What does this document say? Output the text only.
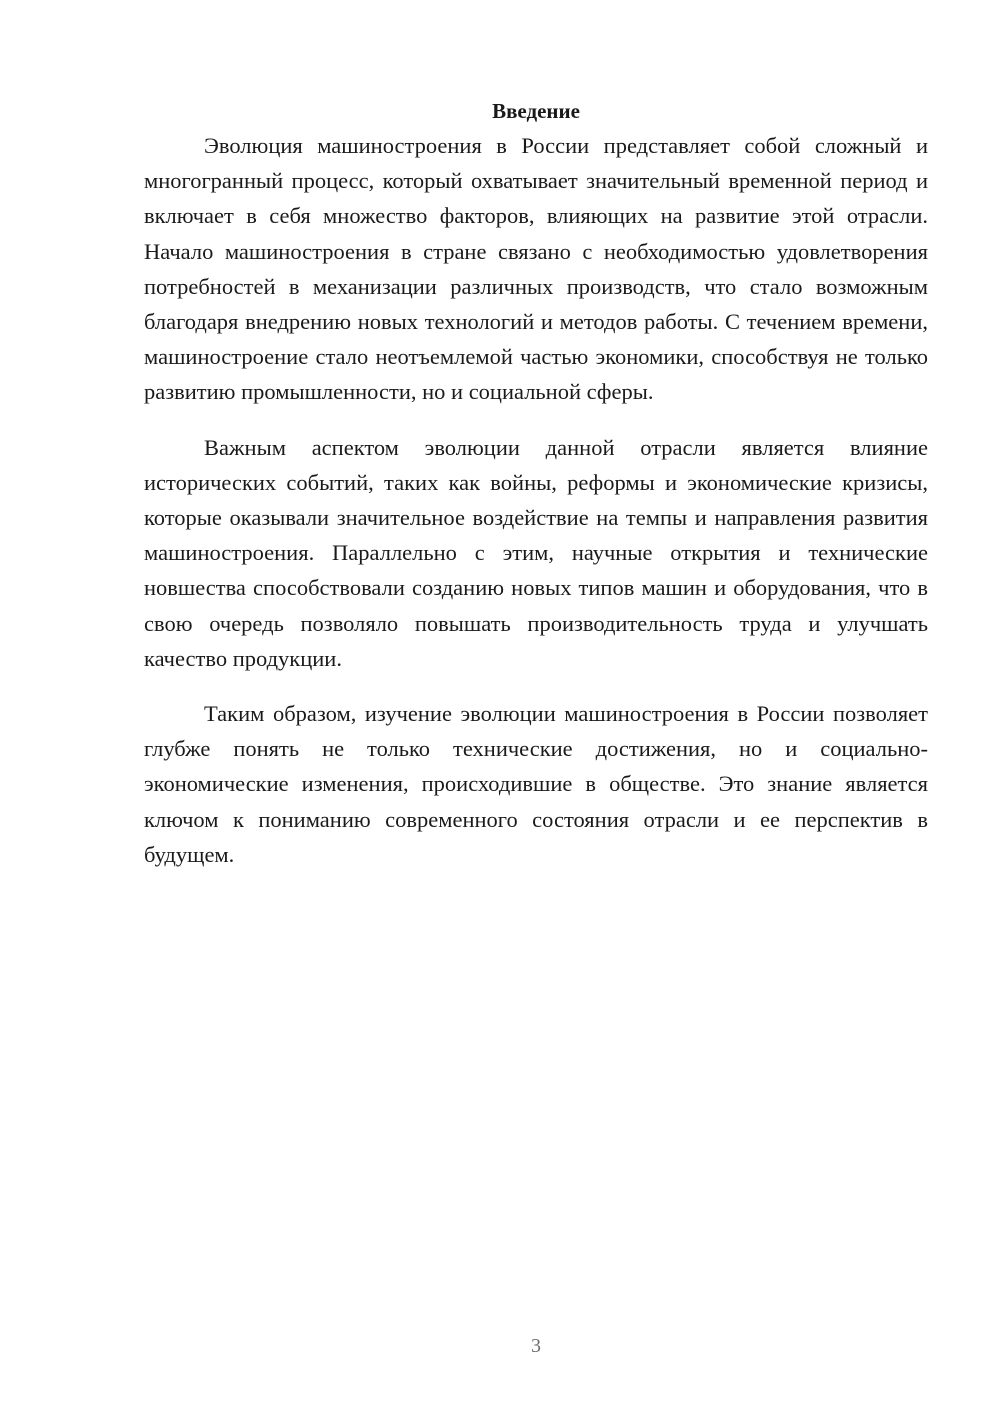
Введение

Эволюция машиностроения в России представляет собой сложный и многогранный процесс, который охватывает значительный временной период и включает в себя множество факторов, влияющих на развитие этой отрасли. Начало машиностроения в стране связано с необходимостью удовлетворения потребностей в механизации различных производств, что стало возможным благодаря внедрению новых технологий и методов работы. С течением времени, машиностроение стало неотъемлемой частью экономики, способствуя не только развитию промышленности, но и социальной сферы.

Важным аспектом эволюции данной отрасли является влияние исторических событий, таких как войны, реформы и экономические кризисы, которые оказывали значительное воздействие на темпы и направления развития машиностроения. Параллельно с этим, научные открытия и технические новшества способствовали созданию новых типов машин и оборудования, что в свою очередь позволяло повышать производительность труда и улучшать качество продукции.

Таким образом, изучение эволюции машиностроения в России позволяет глубже понять не только технические достижения, но и социально-экономические изменения, происходившие в обществе. Это знание является ключом к пониманию современного состояния отрасли и ее перспектив в будущем.

3
